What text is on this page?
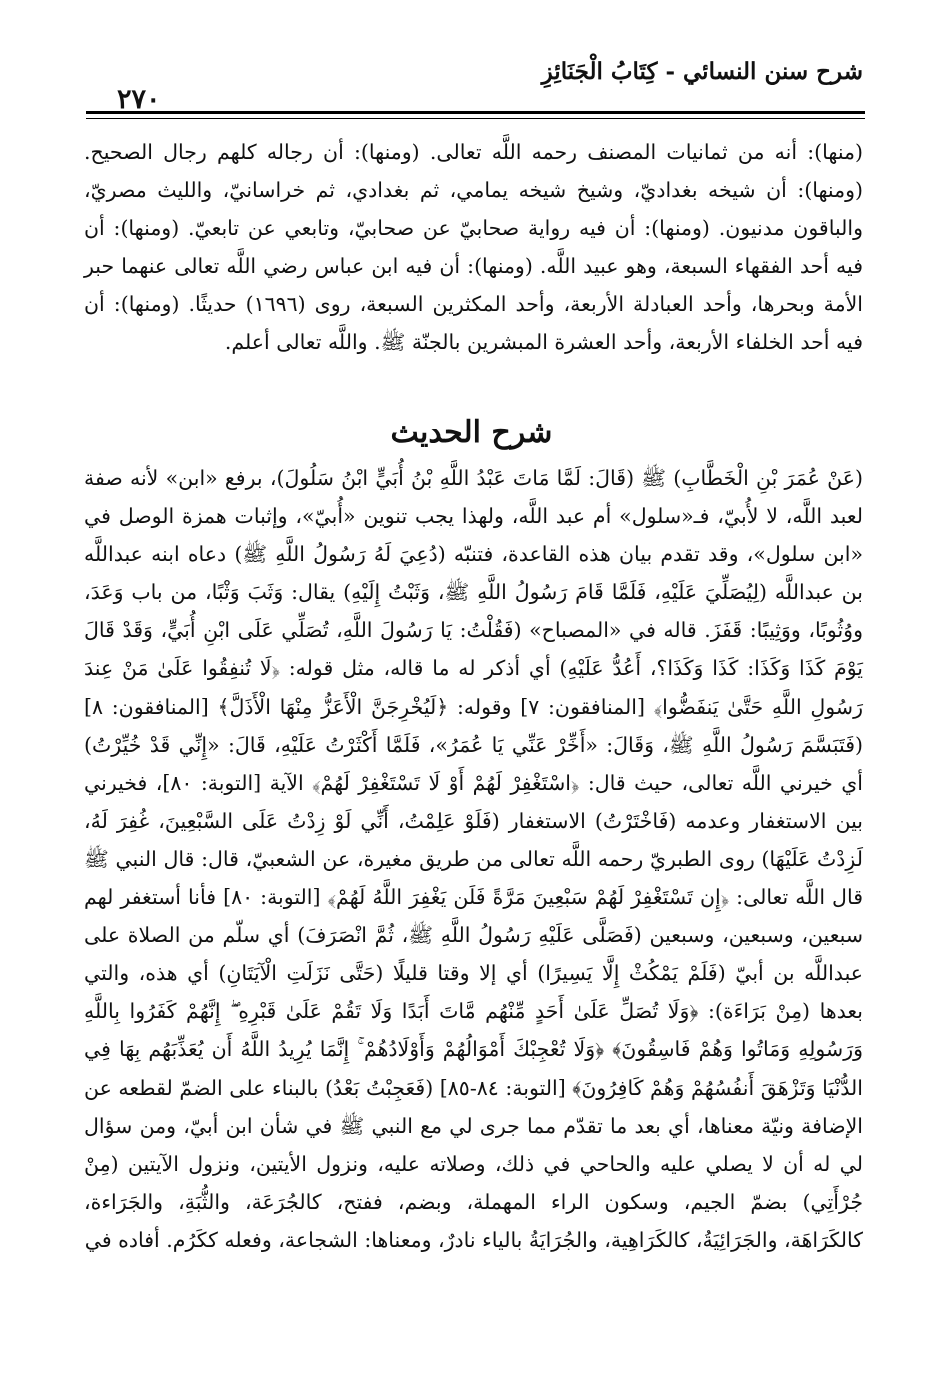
شرح سنن النسائي - كِتَابُ الْجَنَائِزِ
٢٧٠

(منها): أنه من ثمانيات المصنف رحمه اللَّه تعالى. (ومنها): أن رجاله كلهم رجال الصحيح. (ومنها): أن شيخه بغداديّ، وشيخ شيخه يمامي، ثم بغدادي، ثم خراسانيّ، والليث مصريّ، والباقون مدنيون. (ومنها): أن فيه رواية صحابيّ عن صحابيّ، وتابعي عن تابعيّ. (ومنها): أن فيه أحد الفقهاء السبعة، وهو عبيد اللَّه. (ومنها): أن فيه ابن عباس رضي اللَّه تعالى عنهما حبر الأمة وبحرها، وأحد العبادلة الأربعة، وأحد المكثرين السبعة، روى (١٦٩٦) حديثًا. (ومنها): أن فيه أحد الخلفاء الأربعة، وأحد العشرة المبشرين بالجنّة ﷺ. واللَّه تعالى أعلم.

شرح الحديث

(عَنْ عُمَرَ بْنِ الْخَطَّابِ) ﷺ (قَالَ: لَمَّا مَاتَ عَبْدُ اللَّهِ بْنُ أُبَيٍّ ابْنُ سَلُولَ)، برفع «ابن» لأنه صفة لعبد اللَّه، لا لأُبيّ، فـ«سلول» أم عبد اللَّه، ولهذا يجب تنوين «أُبيّ»، وإثبات همزة الوصل في «ابن سلول»، وقد تقدم بيان هذه القاعدة، فتنبّه (دُعِيَ لَهُ رَسُولُ اللَّهِ ﷺ) دعاه ابنه عبداللَّه بن عبداللَّه (لِيُصَلِّيَ عَلَيْهِ، فَلَمَّا قَامَ رَسُولُ اللَّهِ ﷺ، وَثَبْتُ إِلَيْهِ) يقال: وَثَبَ وَثْبًا، من باب وَعَدَ، ووُثُوبًا، ووَثِيبًا: قَفَزَ. قاله في «المصباح» (فَقُلْتُ: يَا رَسُولَ اللَّهِ، تُصَلِّي عَلَى ابْنِ أُبَيٍّ، وَقَدْ قَالَ يَوْمَ كَذَا وَكَذَا: كَذَا وَكَذَا؟، أَعُدُّ عَلَيْهِ) أي أذكر له ما قاله، مثل قوله: ﴿لَا تُنفِقُوا عَلَىٰ مَنْ عِندَ رَسُولِ اللَّهِ حَتَّىٰ يَنفَضُّوا﴾ [المنافقون: ٧] وقوله: ﴿لَيُخْرِجَنَّ الْأَعَزُّ مِنْهَا الْأَذَلَّ﴾ [المنافقون: ٨] (فَتَبَسَّمَ رَسُولُ اللَّهِ ﷺ، وَقَالَ: «أَخِّرْ عَنِّي يَا عُمَرُ»، فَلَمَّا أَكْثَرْتُ عَلَيْهِ، قَالَ: «إِنِّي قَدْ خُيِّرْتُ) أي خيرني اللَّه تعالى، حيث قال: ﴿اسْتَغْفِرْ لَهُمْ أَوْ لَا تَسْتَغْفِرْ لَهُمْ﴾ الآية [التوبة: ٨٠]، فخيرني بين الاستغفار وعدمه (فَاخْتَرْتُ) الاستغفار (فَلَوْ عَلِمْتُ، أَنِّي لَوْ زِدْتُ عَلَى السَّبْعِينَ، غُفِرَ لَهُ، لَزِدْتُ عَلَيْهَا) روى الطبريّ رحمه اللَّه تعالى من طريق مغيرة، عن الشعبيّ، قال: قال النبي ﷺ قال اللَّه تعالى: ﴿إِن تَسْتَغْفِرْ لَهُمْ سَبْعِينَ مَرَّةً فَلَن يَغْفِرَ اللَّهُ لَهُمْ﴾ [التوبة: ٨٠] فأنا أستغفر لهم سبعين، وسبعين، وسبعين (فَصَلَّى عَلَيْهِ رَسُولُ اللَّهِ ﷺ، ثُمَّ انْصَرَفَ) أي سلّم من الصلاة على عبداللَّه بن أبيّ (فَلَمْ يَمْكُثْ إِلَّا يَسِيرًا) أي إلا وقتا قليلًا (حَتَّى نَزَلَتِ الْآيَتَانِ) أي هذه، والتي بعدها (مِنْ بَرَاءَة): ﴿وَلَا تُصَلِّ عَلَىٰ أَحَدٍ مِّنْهُم مَّاتَ أَبَدًا وَلَا تَقُمْ عَلَىٰ قَبْرِهِ ۖ إِنَّهُمْ كَفَرُوا بِاللَّهِ وَرَسُولِهِ وَمَاتُوا وَهُمْ فَاسِقُونَ﴾ ﴿وَلَا تُعْجِبْكَ أَمْوَالُهُمْ وَأَوْلَادُهُمْ ۚ إِنَّمَا يُرِيدُ اللَّهُ أَن يُعَذِّبَهُم بِهَا فِي الدُّنْيَا وَتَزْهَقَ أَنفُسُهُمْ وَهُمْ كَافِرُونَ﴾ [التوبة: ٨٤-٨٥] (فَعَجِبْتُ بَعْدُ) بالبناء على الضمّ لقطعه عن الإضافة ونيّة معناها، أي بعد ما تقدّم مما جرى لي مع النبي ﷺ في شأن ابن أبيّ، ومن سؤال لي له أن لا يصلي عليه والحاحي في ذلك، وصلاته عليه، ونزول الأيتين، ونزول الآيتين (مِنْ جُرْأَتِي) بضمّ الجيم، وسكون الراء المهملة، وبضم، ففتح، كالجُرَعَة، والثُّبَةِ، والجَرَاءة، كالكَرَاهَة، والجَرَائِيَةُ، كالكَرَاهِية، والجُرَايَةُ بالياء نادرٌ، ومعناها: الشجاعة، وفعله ككَرُم. أفاده في
